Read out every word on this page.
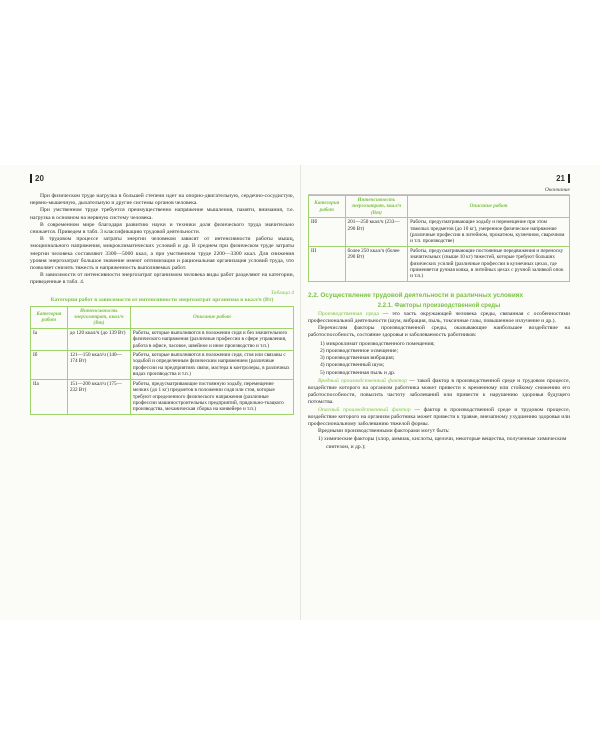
20

При физическом труде нагрузка в большей степени идет на опорно-двигательную, сердечно-сосудистую, нервно-мышечную, дыхательную и другие системы органов человека.

При умственном труде требуется преимущественно напряжение мышления, памяти, внимания, т.е. нагрузка в основном на нервную систему человека.

В современном мире благодаря развитию науки и техники доля физического труда значительно снижается. Приведем в табл. 3 классификацию трудовой деятельности.

В трудовом процессе затраты энергии человеком зависят от интенсивности работы мышц, эмоционального напряжения, микроклиматических условий и др. В среднем при физическом труде затраты энергии человека составляют 3300—5000 ккал, а при умственном труде 2200—3300 ккал. Для снижения уровня энергозатрат большое значение имеют оптимизация и рациональная организация условий труда, что позволяет снизить тяжесть и напряженность выполняемых работ.

В зависимости от интенсивности энергозатрат организмом человека виды работ разделяют на категории, приведенные в табл. 4.

Таблица 4
Категории работ в зависимости от интенсивности энергозатрат организма в ккал/ч (Вт)
Категория работ	Интенсивность энергозатрат, ккал/ч (Вт)	Описание работ
Ia	до 120 ккал/ч (до 139 Вт)	Работы, которые выполняются в положении сидя и без значительного физического напряжения (различные профессии в сфере управления, работа в офисе, часовое, швейное и иное производство и т.п.)
Iб	121—150 ккал/ч (140—174 Вт)	Работы, которые выполняются в положении сидя, стоя или связаны с ходьбой и определенным физическим напряжением (различные профессии на предприятиях связи, мастера в контролеры, в различных видах производства и т.п.)
IIa	151—200 ккал/ч (175—232 Вт)	Работы, предусматривающие постоянную ходьбу, перемещение мелких (до 1 кг) предметов в положении сидя или стоя, которые требуют определенного физического напряжения (различные профессии машиностроительных предприятий, прядильно-ткацкого производства, механическая сборка на конвейере и т.п.)
21
Окончание
Категория работ	Интенсивность энергозатрат, ккал/ч (Вт)	Описание работ
IIб	201—250 ккал/ч (233—290 Вт)	Работы, предусматривающие ходьбу и перемещение при этом тяжелых предметов (до 10 кг), умеренное физическое напряжение (различные профессии в литейном, прокатном, кузнечном, сварочном и т.п. производстве)
III	более 250 ккал/ч (более 290 Вт)	Работы, предусматривающие постоянные передвижения и переноску значительных (свыше 10 кг) тяжестей, которые требуют больших физических усилий (различные профессии в кузнечных цехах, где применяется ручная ковка, в литейных цехах с ручной заливкой опок и т.п.)
2.2. Осуществление трудовой деятельности в различных условиях
2.2.1. Факторы производственной среды

Производственная среда — это часть окружающей человека среды, связанная с особенностями профессиональной деятельности (шум, вибрация, пыль, токсичные газы, повышенное излучение и др.).

Перечислим факторы производственной среды, оказывающие наибольшее воздействие на работоспособность, состояние здоровья и заболеваемость работников:

1) микроклимат производственного помещения;
2) производственное освещение;
3) производственная вибрация;
4) производственный шум;
5) производственная пыль и др.

Вредный производственный фактор — такой фактор в производственной среде и трудовом процессе, воздействие которого на организм работника может привести к временному или стойкому снижению его работоспособности, повысить частоту заболеваний или привести к нарушению здоровья будущего потомства.

Опасный производственный фактор — фактор в производственной среде и трудовом процессе, воздействие которого на организм работника может привести к травме, внезапному ухудшению здоровья или профессиональному заболеванию тяжелой формы.

Вредными производственными факторами могут быть:

1) химические факторы (хлор, аммиак, кислоты, щелочи, некоторые вещества, полученные химическим синтезом, и др.);
